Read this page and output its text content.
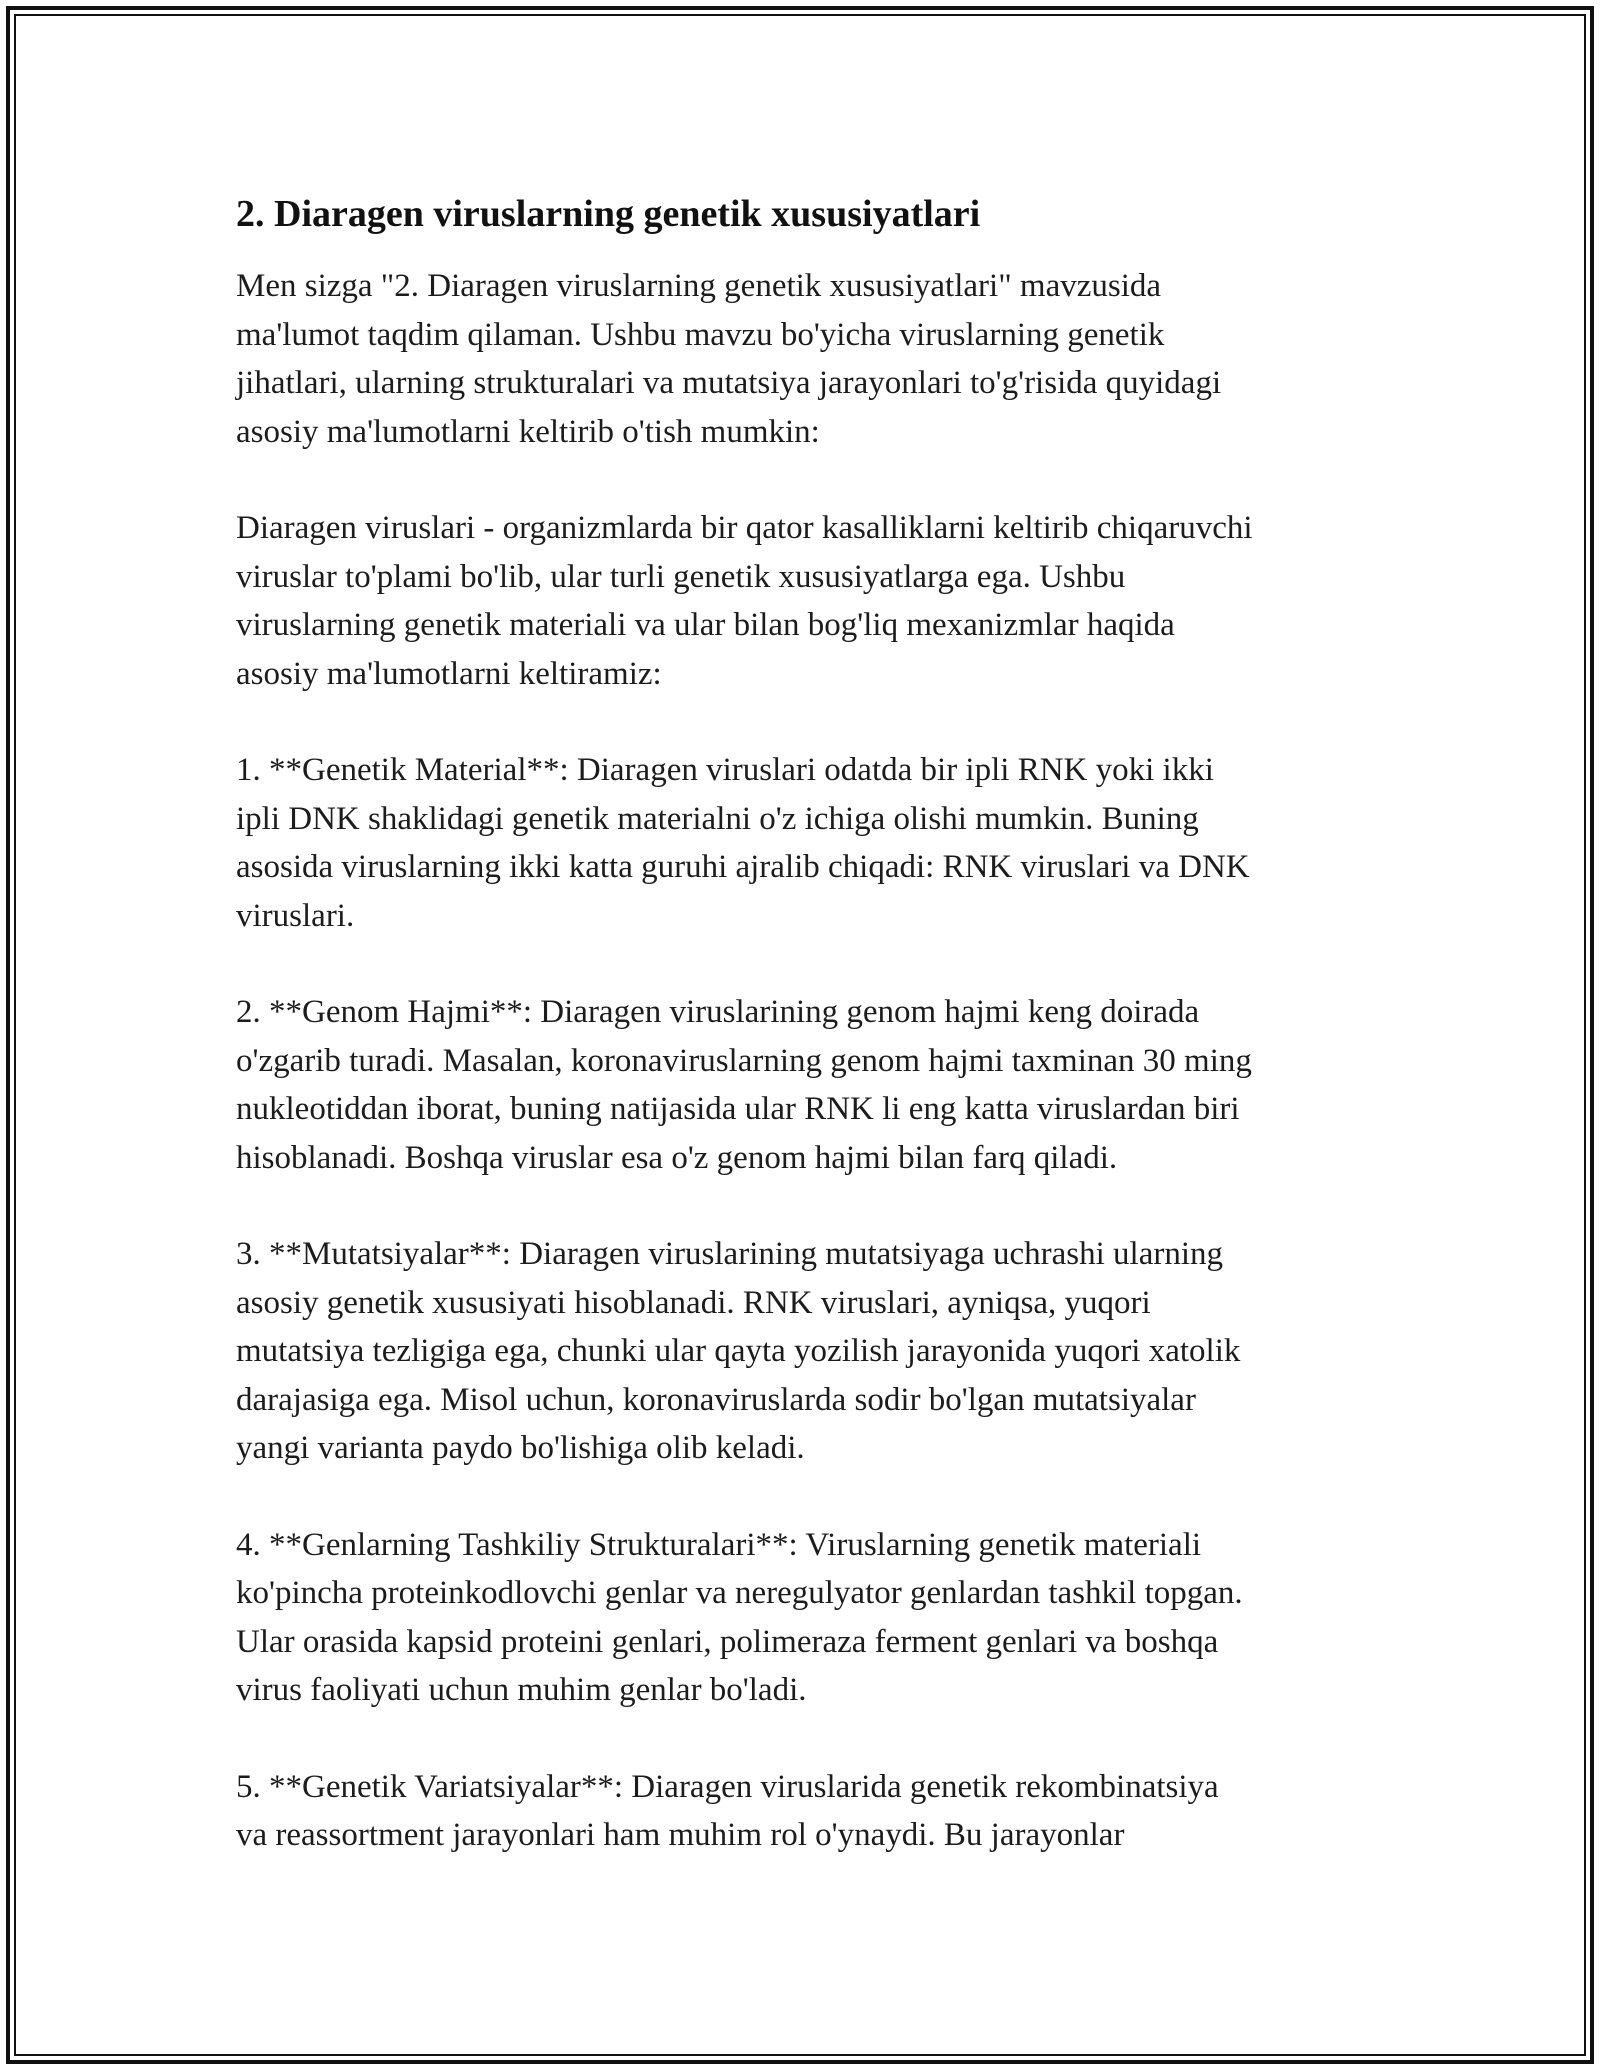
2. Diaragen viruslarning genetik xususiyatlari

Men sizga "2. Diaragen viruslarning genetik xususiyatlari" mavzusida
ma'lumot taqdim qilaman. Ushbu mavzu bo'yicha viruslarning genetik
jihatlari, ularning strukturalari va mutatsiya jarayonlari to'g'risida quyidagi
asosiy ma'lumotlarni keltirib o'tish mumkin:

Diaragen viruslari - organizmlarda bir qator kasalliklarni keltirib chiqaruvchi
viruslar to'plami bo'lib, ular turli genetik xususiyatlarga ega. Ushbu
viruslarning genetik materiali va ular bilan bog'liq mexanizmlar haqida
asosiy ma'lumotlarni keltiramiz:

1. **Genetik Material**: Diaragen viruslari odatda bir ipli RNK yoki ikki
ipli DNK shaklidagi genetik materialni o'z ichiga olishi mumkin. Buning
asosida viruslarning ikki katta guruhi ajralib chiqadi: RNK viruslari va DNK
viruslari.

2. **Genom Hajmi**: Diaragen viruslarining genom hajmi keng doirada
o'zgarib turadi. Masalan, koronaviruslarning genom hajmi taxminan 30 ming
nukleotiddan iborat, buning natijasida ular RNK li eng katta viruslardan biri
hisoblanadi. Boshqa viruslar esa o'z genom hajmi bilan farq qiladi.

3. **Mutatsiyalar**: Diaragen viruslarining mutatsiyaga uchrashi ularning
asosiy genetik xususiyati hisoblanadi. RNK viruslari, ayniqsa, yuqori
mutatsiya tezligiga ega, chunki ular qayta yozilish jarayonida yuqori xatolik
darajasiga ega. Misol uchun, koronaviruslarda sodir bo'lgan mutatsiyalar
yangi varianta paydo bo'lishiga olib keladi.

4. **Genlarning Tashkiliy Strukturalari**: Viruslarning genetik materiali
ko'pincha proteinkodlovchi genlar va neregulyator genlardan tashkil topgan.
Ular orasida kapsid proteini genlari, polimeraza ferment genlari va boshqa
virus faoliyati uchun muhim genlar bo'ladi.

5. **Genetik Variatsiyalar**: Diaragen viruslarida genetik rekombinatsiya
va reassortment jarayonlari ham muhim rol o'ynaydi. Bu jarayonlar
